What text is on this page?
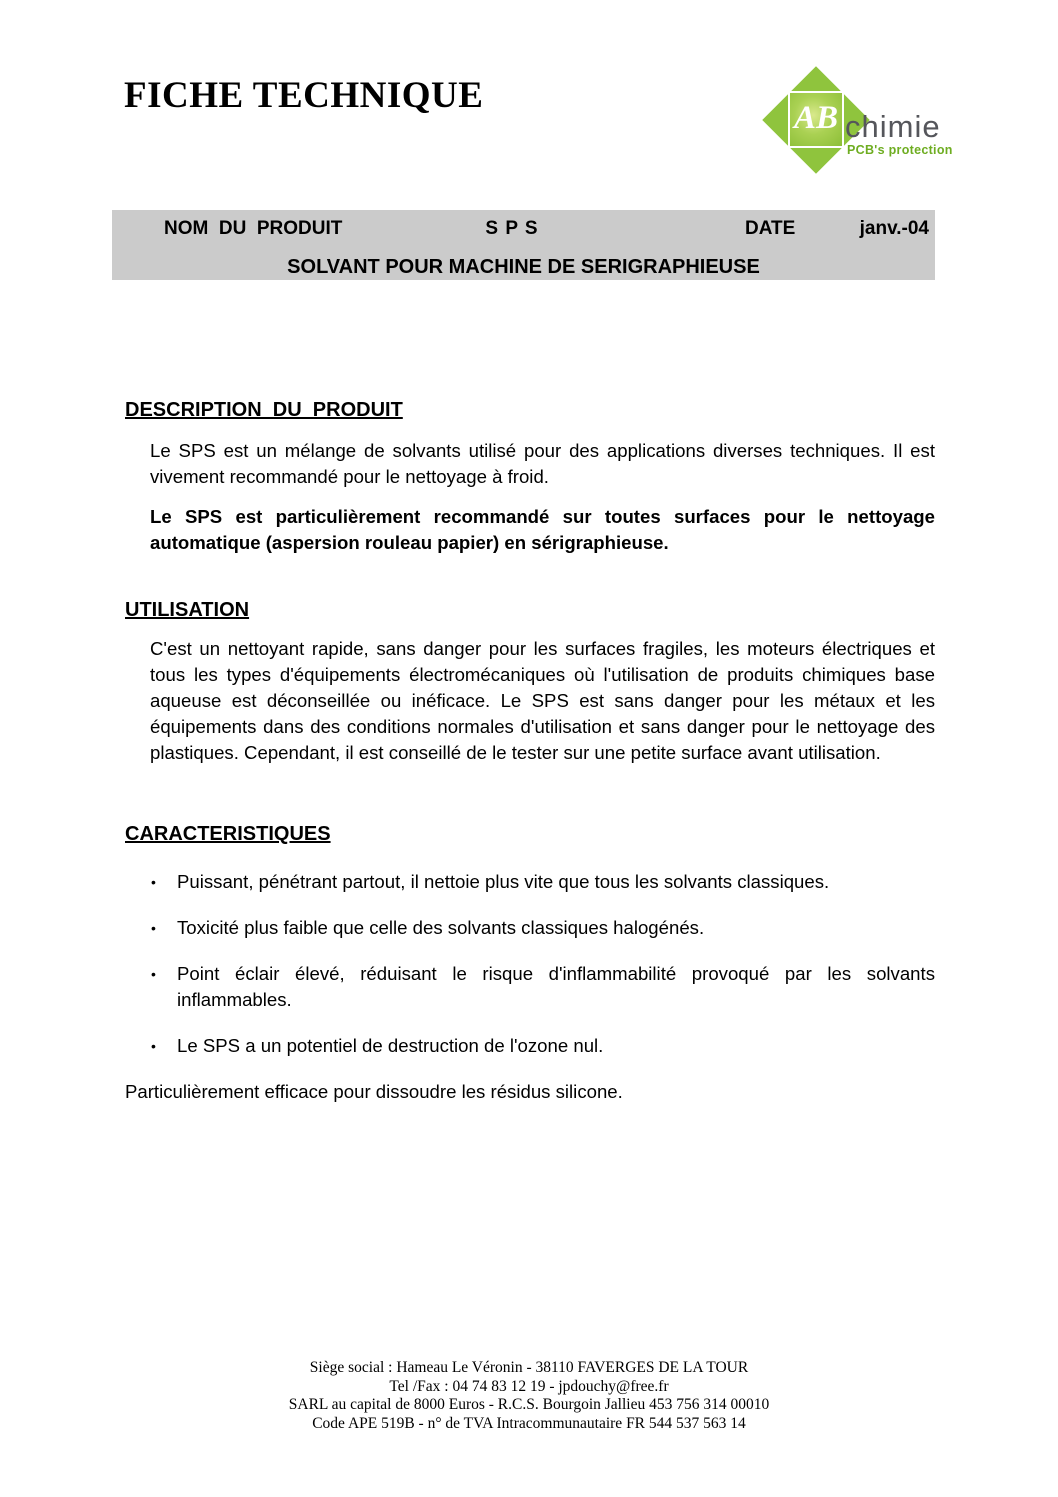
FICHE TECHNIQUE
AB chimie
PCB's protection
NOM  DU  PRODUIT	S P S	DATE	janv.-04
SOLVANT POUR MACHINE DE SERIGRAPHIEUSE
DESCRIPTION  DU  PRODUIT

Le SPS est un mélange de solvants utilisé pour des applications diverses techniques. Il est vivement recommandé pour le nettoyage à froid.

Le SPS est particulièrement recommandé sur toutes surfaces pour le nettoyage automatique (aspersion rouleau papier) en sérigraphieuse.

UTILISATION

C'est un nettoyant rapide, sans danger pour les surfaces fragiles, les moteurs électriques et tous les types d'équipements électromécaniques où l'utilisation de produits chimiques base aqueuse est déconseillée ou inéficace. Le SPS est sans danger pour les métaux et les équipements dans des conditions normales d'utilisation et sans danger pour le nettoyage des plastiques. Cependant, il est conseillé de le tester sur une petite surface avant utilisation.

CARACTERISTIQUES
• Puissant, pénétrant partout, il nettoie plus vite que tous les solvants classiques.
• Toxicité plus faible que celle des solvants classiques halogénés.
• Point éclair élevé, réduisant le risque d'inflammabilité provoqué par les solvants inflammables.
• Le SPS a un potentiel de destruction de l'ozone nul.

Particulièrement efficace pour dissoudre les résidus silicone.

Siège social : Hameau Le Véronin - 38110 FAVERGES DE LA TOUR
Tel /Fax : 04 74 83 12 19 - jpdouchy@free.fr
SARL au capital de 8000 Euros - R.C.S. Bourgoin Jallieu 453 756 314 00010
Code APE 519B - n° de TVA Intracommunautaire FR 544 537 563 14
